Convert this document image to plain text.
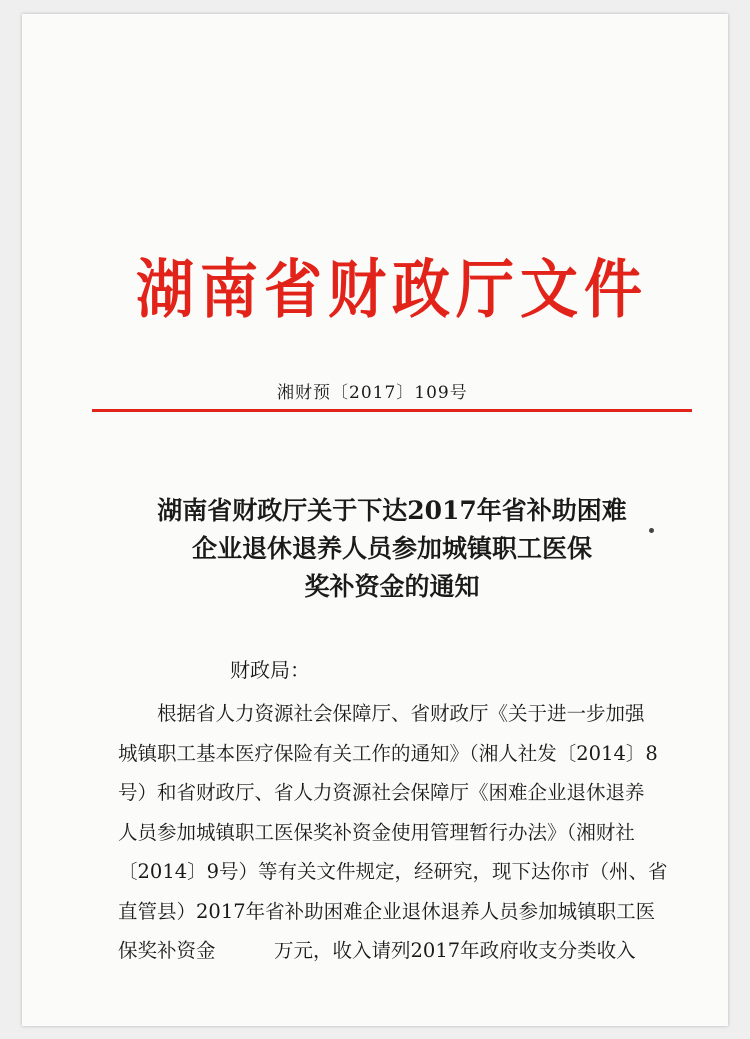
湖南省财政厅文件
湘财预〔2017〕109号
湖南省财政厅关于下达2017年省补助困难
企业退休退养人员参加城镇职工医保
奖补资金的通知
财政局：
　　根据省人力资源社会保障厅、省财政厅《关于进一步加强
城镇职工基本医疗保险有关工作的通知》（湘人社发〔2014〕8
号）和省财政厅、省人力资源社会保障厅《困难企业退休退养
人员参加城镇职工医保奖补资金使用管理暂行办法》（湘财社
〔2014〕9号）等有关文件规定，经研究，现下达你市（州、省
直管县）2017年省补助困难企业退休退养人员参加城镇职工医
保奖补资金　　　万元，收入请列2017年政府收支分类收入
